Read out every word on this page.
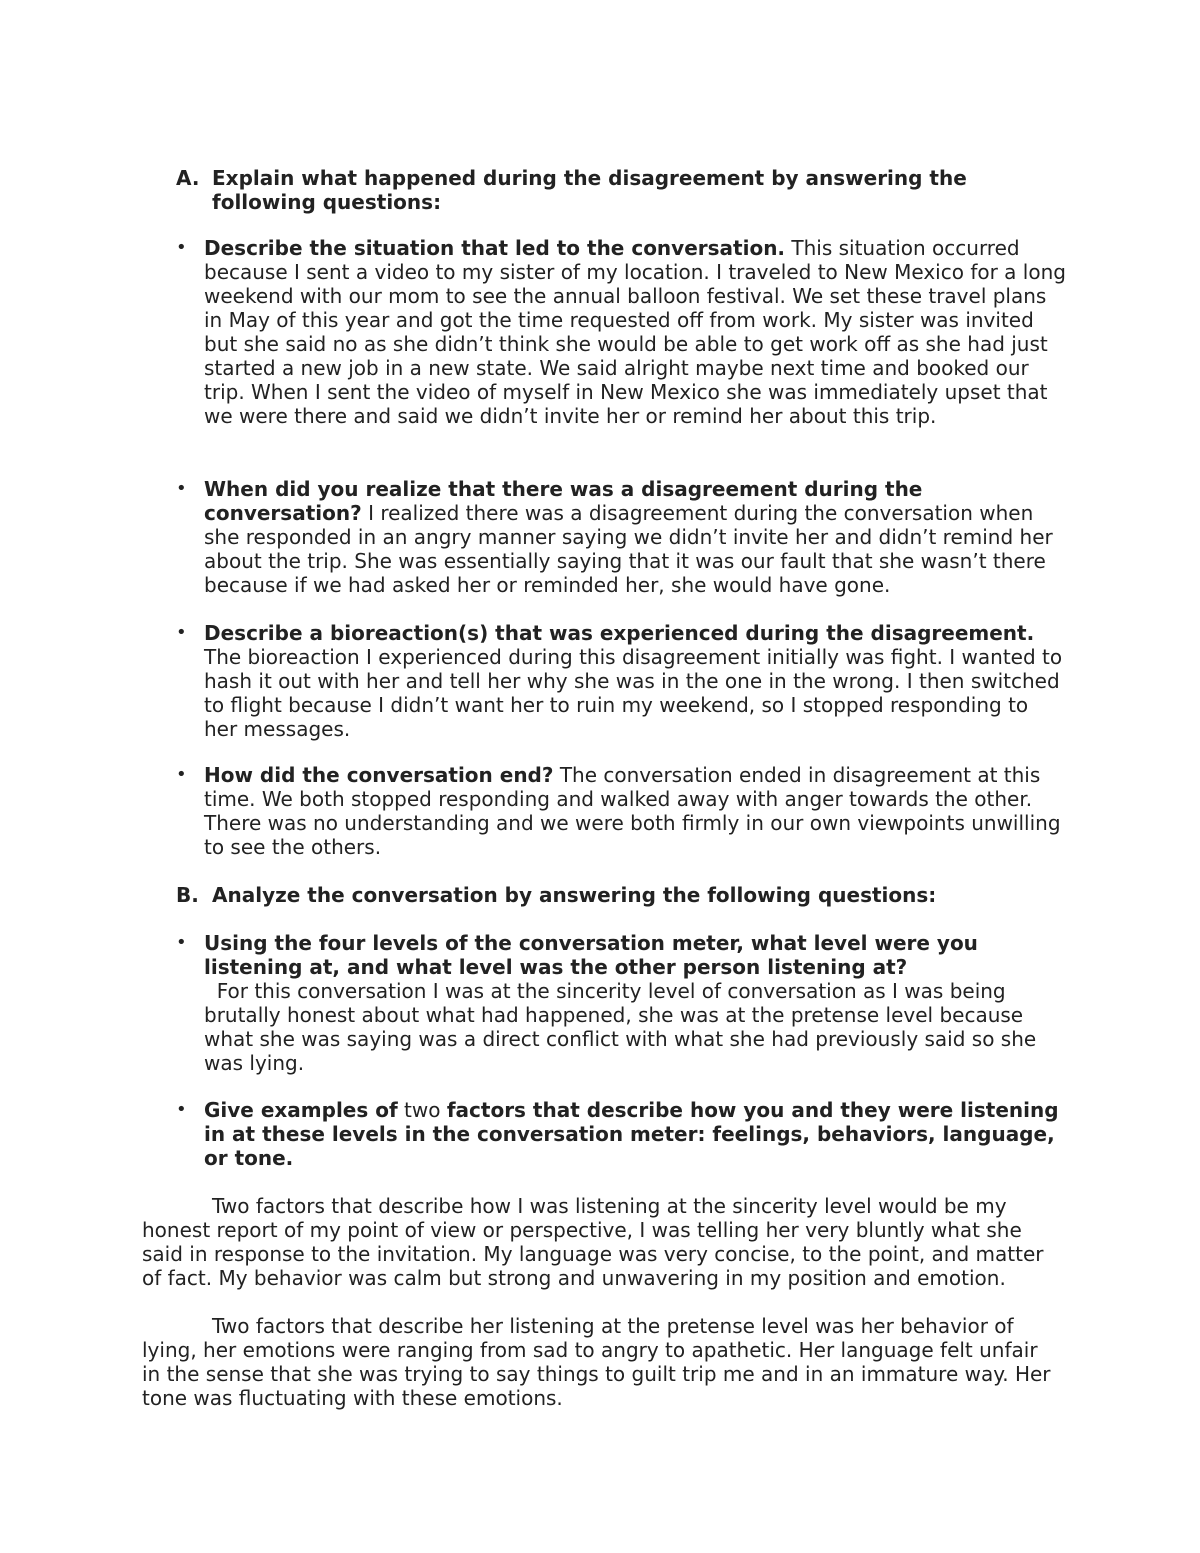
A. Explain what happened during the disagreement by answering the following questions:
• Describe the situation that led to the conversation. This situation occurred because I sent a video to my sister of my location. I traveled to New Mexico for a long weekend with our mom to see the annual balloon festival. We set these travel plans in May of this year and got the time requested off from work. My sister was invited but she said no as she didn’t think she would be able to get work off as she had just started a new job in a new state. We said alright maybe next time and booked our trip. When I sent the video of myself in New Mexico she was immediately upset that we were there and said we didn’t invite her or remind her about this trip.
• When did you realize that there was a disagreement during the conversation? I realized there was a disagreement during the conversation when she responded in an angry manner saying we didn’t invite her and didn’t remind her about the trip. She was essentially saying that it was our fault that she wasn’t there because if we had asked her or reminded her, she would have gone.
• Describe a bioreaction(s) that was experienced during the disagreement. The bioreaction I experienced during this disagreement initially was fight. I wanted to hash it out with her and tell her why she was in the one in the wrong. I then switched to flight because I didn’t want her to ruin my weekend, so I stopped responding to her messages.
• How did the conversation end? The conversation ended in disagreement at this time. We both stopped responding and walked away with anger towards the other. There was no understanding and we were both firmly in our own viewpoints unwilling to see the others.
B. Analyze the conversation by answering the following questions:
• Using the four levels of the conversation meter, what level were you listening at, and what level was the other person listening at?
For this conversation I was at the sincerity level of conversation as I was being brutally honest about what had happened, she was at the pretense level because what she was saying was a direct conflict with what she had previously said so she was lying.
• Give examples of two factors that describe how you and they were listening in at these levels in the conversation meter: feelings, behaviors, language, or tone.
Two factors that describe how I was listening at the sincerity level would be my honest report of my point of view or perspective, I was telling her very bluntly what she said in response to the invitation. My language was very concise, to the point, and matter of fact. My behavior was calm but strong and unwavering in my position and emotion.
Two factors that describe her listening at the pretense level was her behavior of lying, her emotions were ranging from sad to angry to apathetic. Her language felt unfair in the sense that she was trying to say things to guilt trip me and in an immature way. Her tone was fluctuating with these emotions.
